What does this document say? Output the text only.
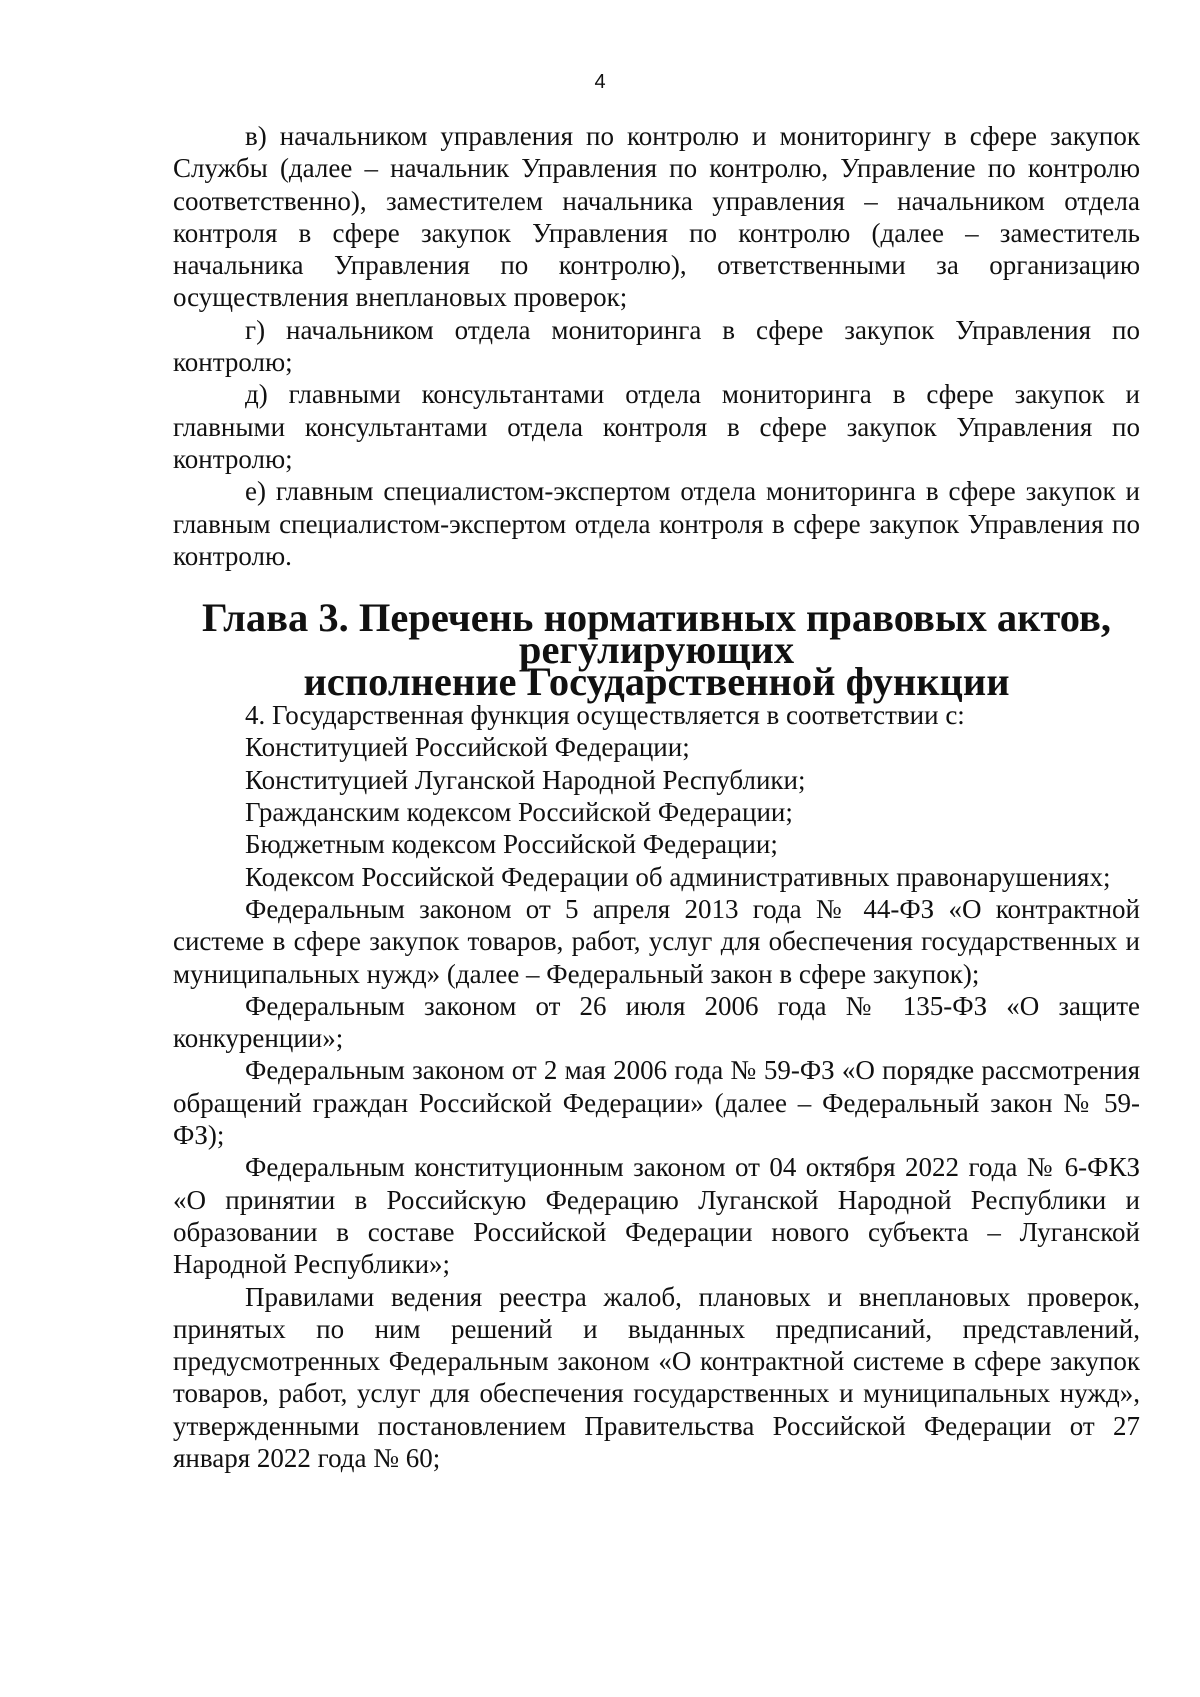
4

в) начальником управления по контролю и мониторингу в сфере закупок Службы (далее – начальник Управления по контролю, Управление по контролю соответственно), заместителем начальника управления – начальником отдела контроля в сфере закупок Управления по контролю (далее – заместитель начальника Управления по контролю), ответственными за организацию осуществления внеплановых проверок;

г) начальником отдела мониторинга в сфере закупок Управления по контролю;

д) главными консультантами отдела мониторинга в сфере закупок и главными консультантами отдела контроля в сфере закупок Управления по контролю;

е) главным специалистом-экспертом отдела мониторинга в сфере закупок и главным специалистом-экспертом отдела контроля в сфере закупок Управления по контролю.

Глава 3. Перечень нормативных правовых актов, регулирующих
исполнение Государственной функции

4. Государственная функция осуществляется в соответствии с:

Конституцией Российской Федерации;

Конституцией Луганской Народной Республики;

Гражданским кодексом Российской Федерации;

Бюджетным кодексом Российской Федерации;

Кодексом Российской Федерации об административных правонарушениях;

Федеральным законом от 5 апреля 2013 года № 44-ФЗ «О контрактной системе в сфере закупок товаров, работ, услуг для обеспечения государственных и муниципальных нужд» (далее – Федеральный закон в сфере закупок);

Федеральным законом от 26 июля 2006 года № 135-ФЗ «О защите конкуренции»;

Федеральным законом от 2 мая 2006 года № 59-ФЗ «О порядке рассмотрения обращений граждан Российской Федерации» (далее – Федеральный закон № 59-ФЗ);

Федеральным конституционным законом от 04 октября 2022 года № 6-ФКЗ «О принятии в Российскую Федерацию Луганской Народной Республики и образовании в составе Российской Федерации нового субъекта – Луганской Народной Республики»;

Правилами ведения реестра жалоб, плановых и внеплановых проверок, принятых по ним решений и выданных предписаний, представлений, предусмотренных Федеральным законом «О контрактной системе в сфере закупок товаров, работ, услуг для обеспечения государственных и муниципальных нужд», утвержденными постановлением Правительства Российской Федерации от 27 января 2022 года № 60;
